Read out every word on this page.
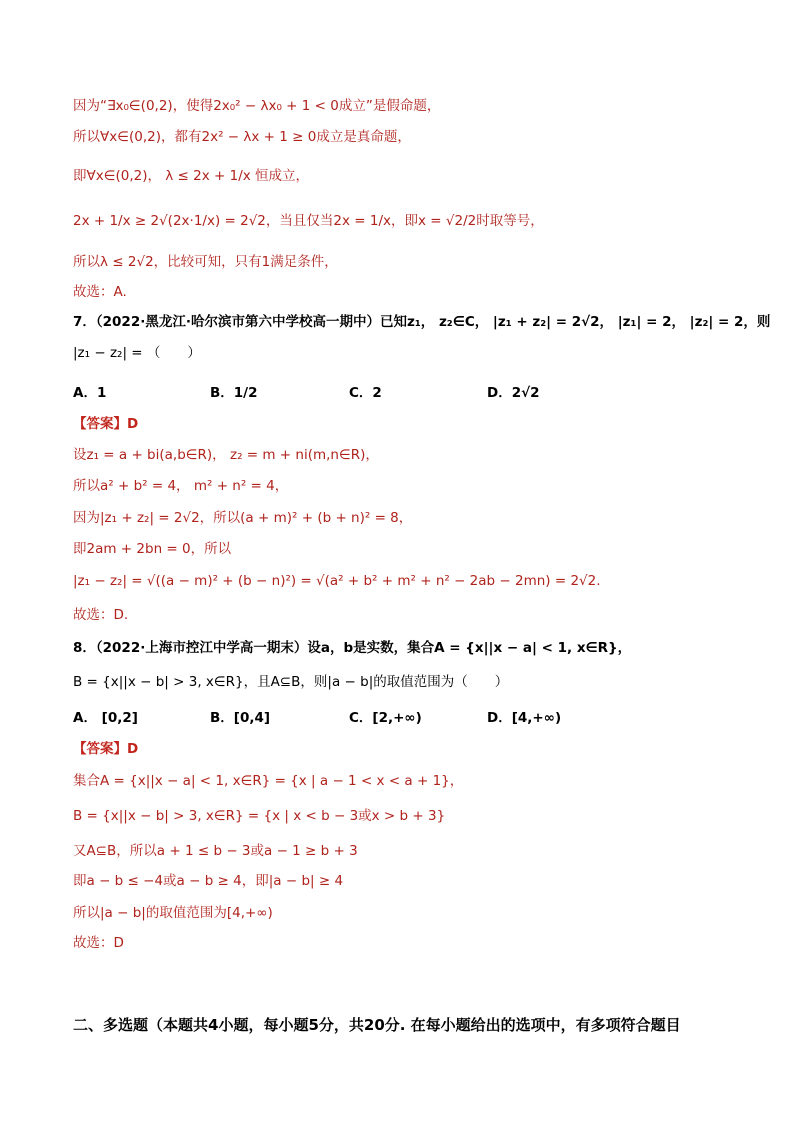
因为“∃x₀∈(0,2)，使得2x₀² − λx₀ + 1 < 0成立”是假命题，
所以∀x∈(0,2)，都有2x² − λx + 1 ≥ 0成立是真命题，
即∀x∈(0,2)， λ ≤ 2x + 1/x 恒成立，
2x + 1/x ≥ 2√(2x·1/x) = 2√2，当且仅当2x = 1/x，即x = √2/2时取等号，
所以λ ≤ 2√2，比较可知，只有1满足条件，
故选：A.
7．（2022·黑龙江·哈尔滨市第六中学校高一期中）已知z₁， z₂∈C， |z₁ + z₂| = 2√2， |z₁| = 2， |z₂| = 2，则
|z₁ − z₂| = （　　）
A．1	B．1/2	C．2	D．2√2
【答案】D
设z₁ = a + bi(a,b∈R)， z₂ = m + ni(m,n∈R)，
所以a² + b² = 4， m² + n² = 4，
因为|z₁ + z₂| = 2√2，所以(a + m)² + (b + n)² = 8，
即2am + 2bn = 0，所以
|z₁ − z₂| = √((a − m)² + (b − n)²) = √(a² + b² + m² + n² − 2ab − 2mn) = 2√2.
故选：D.
8．（2022·上海市控江中学高一期末）设a，b是实数，集合A = {x||x − a| < 1, x∈R}，
B = {x||x − b| > 3, x∈R}，且A⊆B，则|a − b|的取值范围为（　　）
A． [0,2]	B．[0,4]	C．[2,+∞)	D．[4,+∞)
【答案】D
集合A = {x||x − a| < 1, x∈R} = {x | a − 1 < x < a + 1}，
B = {x||x − b| > 3, x∈R} = {x | x < b − 3或x > b + 3}
又A⊆B，所以a + 1 ≤ b − 3或a − 1 ≥ b + 3
即a − b ≤ −4或a − b ≥ 4，即|a − b| ≥ 4
所以|a − b|的取值范围为[4,+∞)
故选：D
二、多选题（本题共4小题，每小题5分，共20分. 在每小题给出的选项中，有多项符合题目
